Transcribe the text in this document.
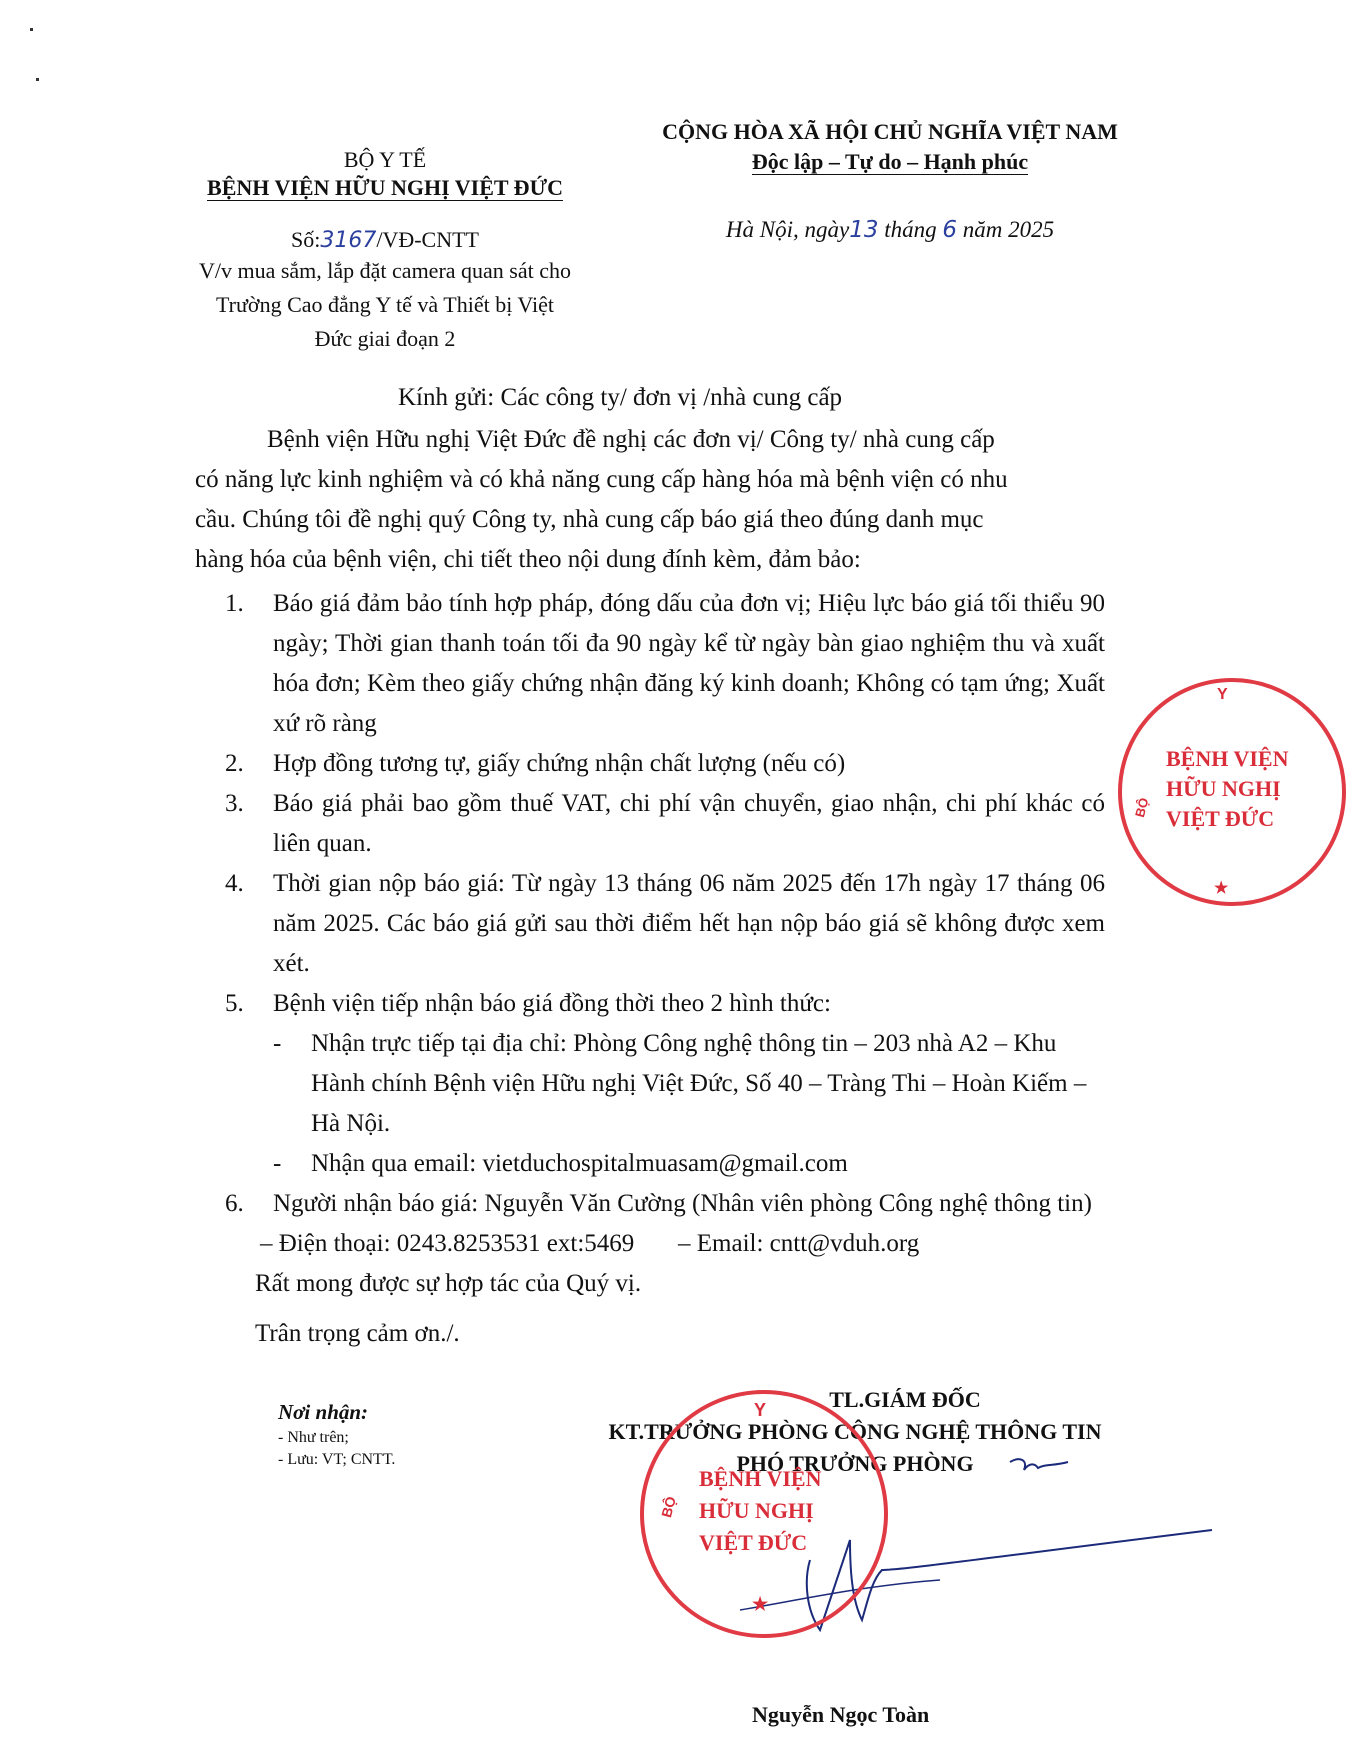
BỘ Y TẾ
BỆNH VIỆN HỮU NGHỊ VIỆT ĐỨC
Số:3167/VĐ-CNTT
V/v mua sắm, lắp đặt camera quan sát cho
Trường Cao đẳng Y tế và Thiết bị Việt
Đức giai đoạn 2
CỘNG HÒA XÃ HỘI CHỦ NGHĨA VIỆT NAM
Độc lập – Tự do – Hạnh phúc
Hà Nội, ngày13 tháng 6 năm 2025
Kính gửi: Các công ty/ đơn vị /nhà cung cấp
Bệnh viện Hữu nghị Việt Đức đề nghị các đơn vị/ Công ty/ nhà cung cấp
có năng lực kinh nghiệm và có khả năng cung cấp hàng hóa mà bệnh viện có nhu
cầu. Chúng tôi đề nghị quý Công ty, nhà cung cấp báo giá theo đúng danh mục
hàng hóa của bệnh viện, chi tiết theo nội dung đính kèm, đảm bảo:
1. Báo giá đảm bảo tính hợp pháp, đóng dấu của đơn vị; Hiệu lực báo giá tối thiểu 90 ngày; Thời gian thanh toán tối đa 90 ngày kể từ ngày bàn giao nghiệm thu và xuất hóa đơn; Kèm theo giấy chứng nhận đăng ký kinh doanh; Không có tạm ứng; Xuất xứ rõ ràng
2. Hợp đồng tương tự, giấy chứng nhận chất lượng (nếu có)
3. Báo giá phải bao gồm thuế VAT, chi phí vận chuyển, giao nhận, chi phí khác có liên quan.
4. Thời gian nộp báo giá: Từ ngày 13 tháng 06 năm 2025 đến 17h ngày 17 tháng 06 năm 2025. Các báo giá gửi sau thời điểm hết hạn nộp báo giá sẽ không được xem xét.
5. Bệnh viện tiếp nhận báo giá đồng thời theo 2 hình thức:
- Nhận trực tiếp tại địa chỉ: Phòng Công nghệ thông tin – 203 nhà A2 – Khu Hành chính Bệnh viện Hữu nghị Việt Đức, Số 40 – Tràng Thi – Hoàn Kiếm – Hà Nội.
- Nhận qua email: vietduchospitalmuasam@gmail.com
6. Người nhận báo giá: Nguyễn Văn Cường (Nhân viên phòng Công nghệ thông tin)
– Điện thoại: 0243.8253531 ext:5469       – Email: cntt@vduh.org
Rất mong được sự hợp tác của Quý vị.
Trân trọng cảm ơn./.
Nơi nhận:
- Như trên;
- Lưu: VT; CNTT.
TL.GIÁM ĐỐC
KT.TRƯỞNG PHÒNG CÔNG NGHỆ THÔNG TIN
PHÓ TRƯỞNG PHÒNG
Nguyễn Ngọc Toàn
Y
BỆNH VIỆN
HỮU NGHỊ
VIỆT ĐỨC
BỘ
★
Y
BỆNH VIỆN
HỮU NGHỊ
VIỆT ĐỨC
BỘ
★
